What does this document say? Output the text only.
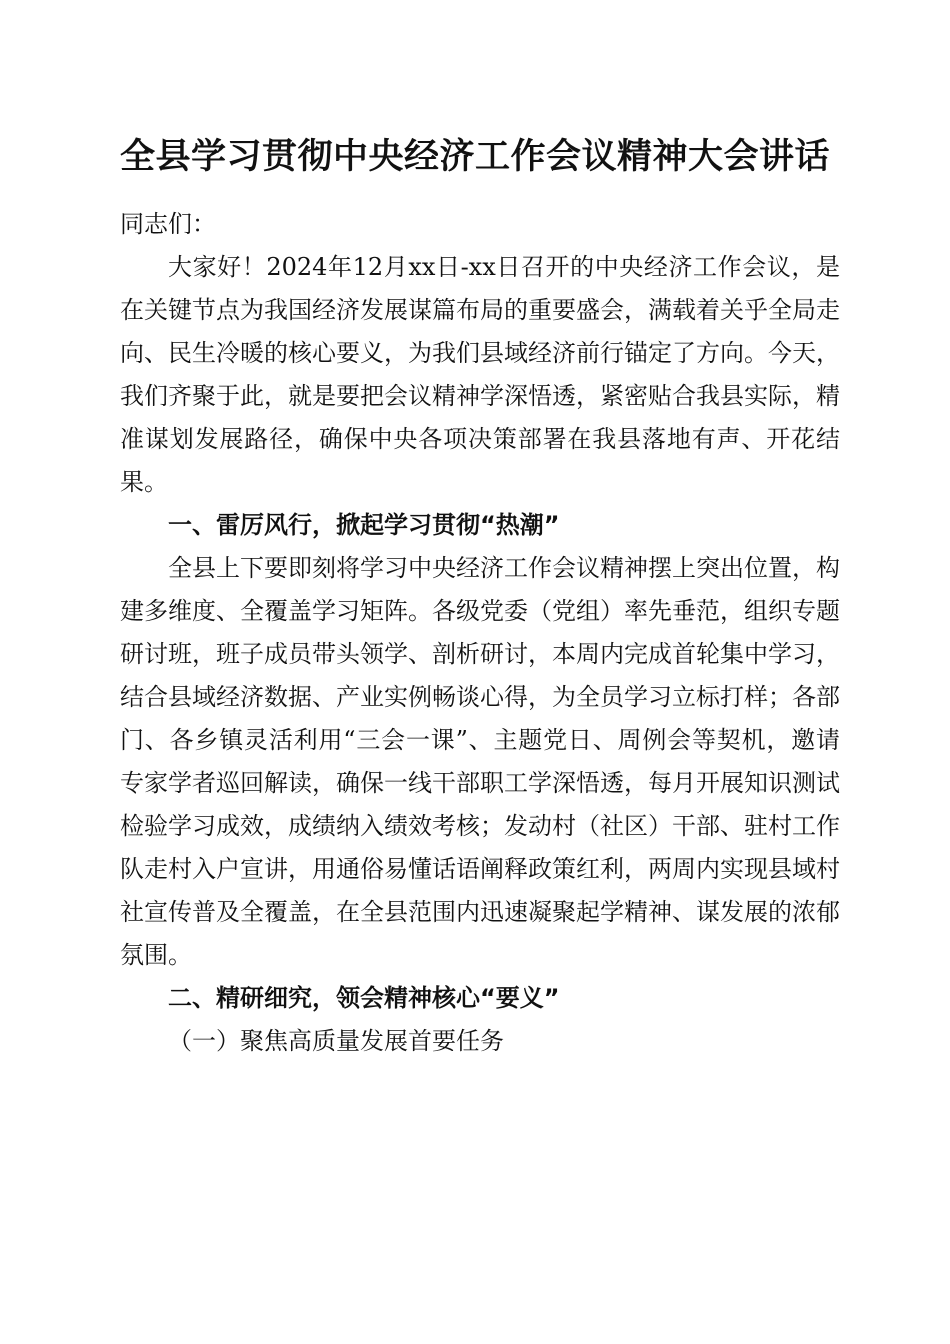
全县学习贯彻中央经济工作会议精神大会讲话

同志们：

大家好！2024年12月xx日-xx日召开的中央经济工作会议，是在关键节点为我国经济发展谋篇布局的重要盛会，满载着关乎全局走向、民生冷暖的核心要义，为我们县域经济前行锚定了方向。今天，我们齐聚于此，就是要把会议精神学深悟透，紧密贴合我县实际，精准谋划发展路径，确保中央各项决策部署在我县落地有声、开花结果。

一、雷厉风行，掀起学习贯彻“热潮”

全县上下要即刻将学习中央经济工作会议精神摆上突出位置，构建多维度、全覆盖学习矩阵。各级党委（党组）率先垂范，组织专题研讨班，班子成员带头领学、剖析研讨，本周内完成首轮集中学习，结合县域经济数据、产业实例畅谈心得，为全员学习立标打样；各部门、各乡镇灵活利用“三会一课”、主题党日、周例会等契机，邀请专家学者巡回解读，确保一线干部职工学深悟透，每月开展知识测试检验学习成效，成绩纳入绩效考核；发动村（社区）干部、驻村工作队走村入户宣讲，用通俗易懂话语阐释政策红利，两周内实现县域村社宣传普及全覆盖，在全县范围内迅速凝聚起学精神、谋发展的浓郁氛围。

二、精研细究，领会精神核心“要义”

（一）聚焦高质量发展首要任务
